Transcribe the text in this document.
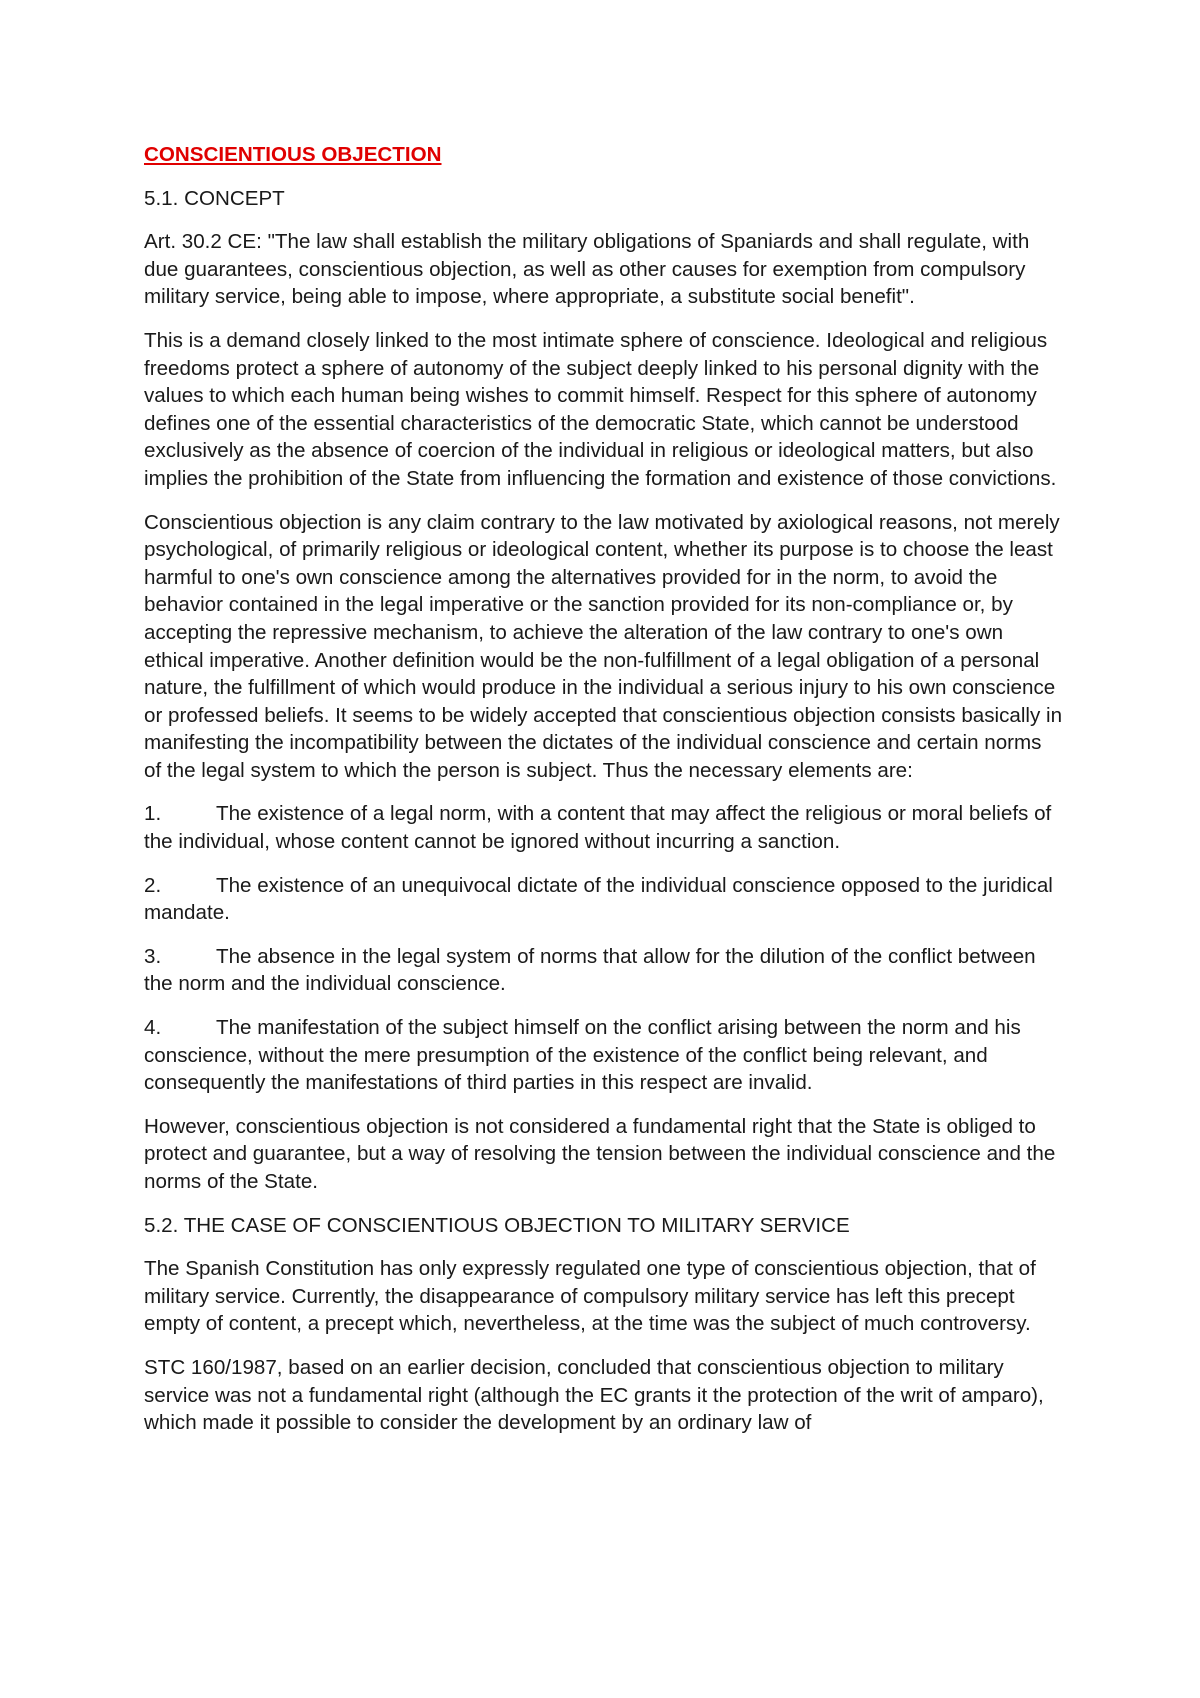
CONSCIENTIOUS OBJECTION

5.1. CONCEPT

Art. 30.2 CE: "The law shall establish the military obligations of Spaniards and shall regulate, with due guarantees, conscientious objection, as well as other causes for exemption from compulsory military service, being able to impose, where appropriate, a substitute social benefit".

This is a demand closely linked to the most intimate sphere of conscience. Ideological and religious freedoms protect a sphere of autonomy of the subject deeply linked to his personal dignity with the values to which each human being wishes to commit himself. Respect for this sphere of autonomy defines one of the essential characteristics of the democratic State, which cannot be understood exclusively as the absence of coercion of the individual in religious or ideological matters, but also implies the prohibition of the State from influencing the formation and existence of those convictions.

Conscientious objection is any claim contrary to the law motivated by axiological reasons, not merely psychological, of primarily religious or ideological content, whether its purpose is to choose the least harmful to one's own conscience among the alternatives provided for in the norm, to avoid the behavior contained in the legal imperative or the sanction provided for its non-compliance or, by accepting the repressive mechanism, to achieve the alteration of the law contrary to one's own ethical imperative. Another definition would be the non-fulfillment of a legal obligation of a personal nature, the fulfillment of which would produce in the individual a serious injury to his own conscience or professed beliefs. It seems to be widely accepted that conscientious objection consists basically in manifesting the incompatibility between the dictates of the individual conscience and certain norms of the legal system to which the person is subject. Thus the necessary elements are:

1.	The existence of a legal norm, with a content that may affect the religious or moral beliefs of the individual, whose content cannot be ignored without incurring a sanction.

2.	The existence of an unequivocal dictate of the individual conscience opposed to the juridical mandate.

3.	The absence in the legal system of norms that allow for the dilution of the conflict between the norm and the individual conscience.

4.	The manifestation of the subject himself on the conflict arising between the norm and his conscience, without the mere presumption of the existence of the conflict being relevant, and consequently the manifestations of third parties in this respect are invalid.

However, conscientious objection is not considered a fundamental right that the State is obliged to protect and guarantee, but a way of resolving the tension between the individual conscience and the norms of the State.

5.2. THE CASE OF CONSCIENTIOUS OBJECTION TO MILITARY SERVICE

The Spanish Constitution has only expressly regulated one type of conscientious objection, that of military service. Currently, the disappearance of compulsory military service has left this precept empty of content, a precept which, nevertheless, at the time was the subject of much controversy.

STC 160/1987, based on an earlier decision, concluded that conscientious objection to military service was not a fundamental right (although the EC grants it the protection of the writ of amparo), which made it possible to consider the development by an ordinary law of
